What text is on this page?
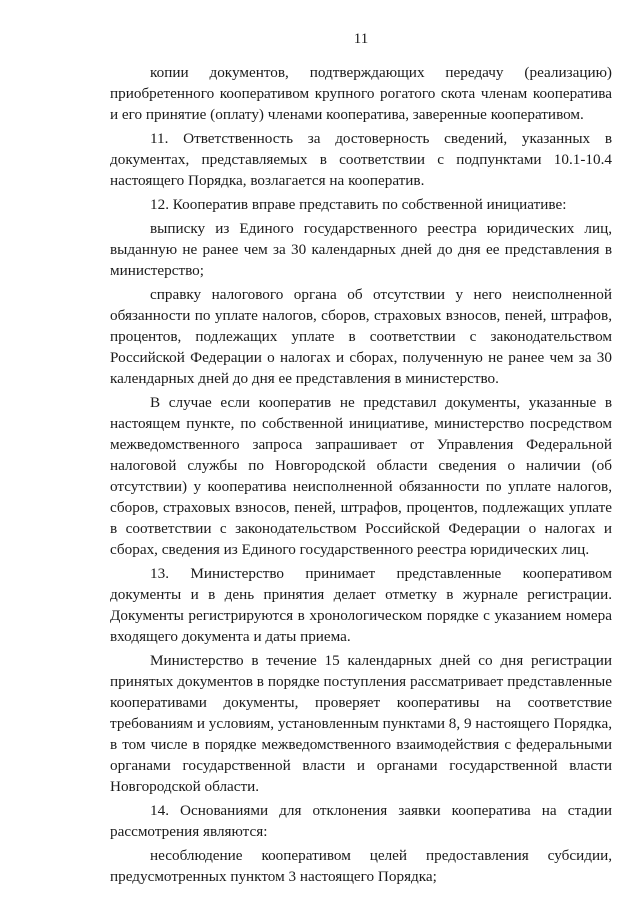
11

копии документов, подтверждающих передачу (реализацию) приобретенного кооперативом крупного рогатого скота членам кооператива и его принятие (оплату) членами кооператива, заверенные кооперативом.

11. Ответственность за достоверность сведений, указанных в документах, представляемых в соответствии с подпунктами 10.1-10.4 настоящего Порядка, возлагается на кооператив.

12. Кооператив вправе представить по собственной инициативе:

выписку из Единого государственного реестра юридических лиц, выданную не ранее чем за 30 календарных дней до дня ее представления в министерство;

справку налогового органа об отсутствии у него неисполненной обязанности по уплате налогов, сборов, страховых взносов, пеней, штрафов, процентов, подлежащих уплате в соответствии с законодательством Российской Федерации о налогах и сборах, полученную не ранее чем за 30 календарных дней до дня ее представления в министерство.

В случае если кооператив не представил документы, указанные в настоящем пункте, по собственной инициативе, министерство посредством межведомственного запроса запрашивает от Управления Федеральной налоговой службы по Новгородской области сведения о наличии (об отсутствии) у кооператива неисполненной обязанности по уплате налогов, сборов, страховых взносов, пеней, штрафов, процентов, подлежащих уплате в соответствии с законодательством Российской Федерации о налогах и сборах, сведения из Единого государственного реестра юридических лиц.

13. Министерство принимает представленные кооперативом документы и в день принятия делает отметку в журнале регистрации. Документы регистрируются в хронологическом порядке с указанием номера входящего документа и даты приема.

Министерство в течение 15 календарных дней со дня регистрации принятых документов в порядке поступления рассматривает представленные кооперативами документы, проверяет кооперативы на соответствие требованиям и условиям, установленным пунктами 8, 9 настоящего Порядка, в том числе в порядке межведомственного взаимодействия с федеральными органами государственной власти и органами государственной власти Новгородской области.

14. Основаниями для отклонения заявки кооператива на стадии рассмотрения являются:

несоблюдение кооперативом целей предоставления субсидии, предусмотренных пунктом 3 настоящего Порядка;
